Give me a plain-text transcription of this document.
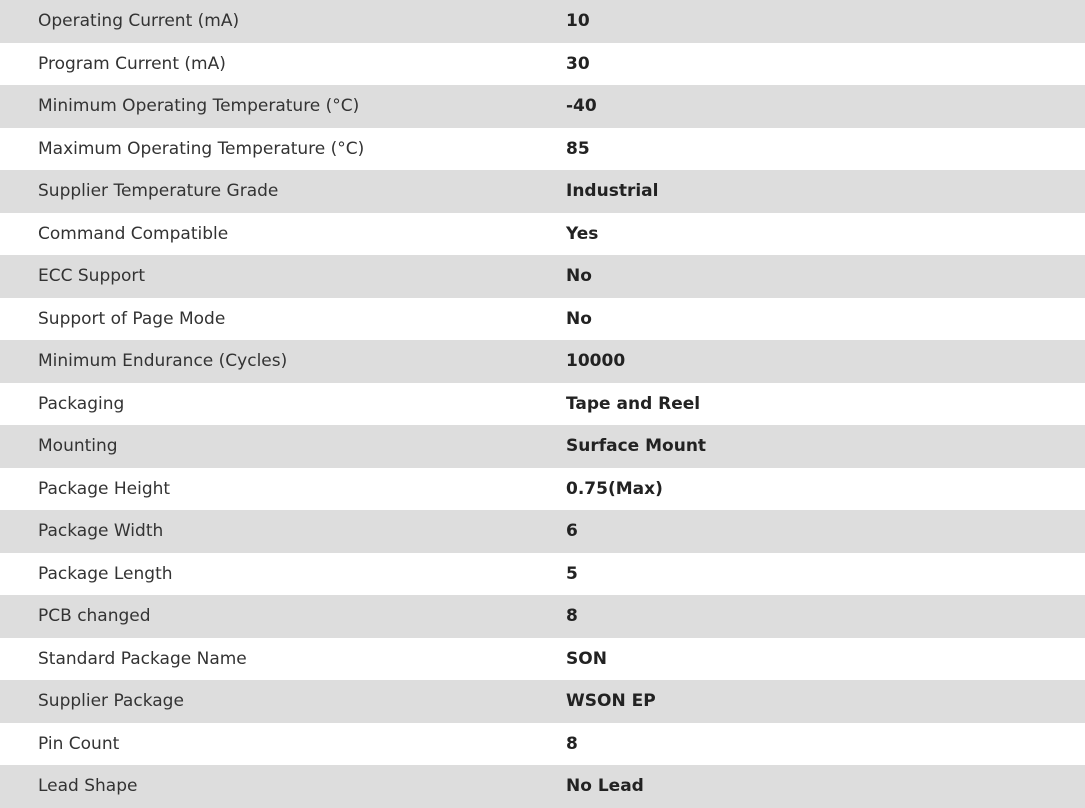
Operating Current (mA)	10
Program Current (mA)	30
Minimum Operating Temperature (°C)	-40
Maximum Operating Temperature (°C)	85
Supplier Temperature Grade	Industrial
Command Compatible	Yes
ECC Support	No
Support of Page Mode	No
Minimum Endurance (Cycles)	10000
Packaging	Tape and Reel
Mounting	Surface Mount
Package Height	0.75(Max)
Package Width	6
Package Length	5
PCB changed	8
Standard Package Name	SON
Supplier Package	WSON EP
Pin Count	8
Lead Shape	No Lead
